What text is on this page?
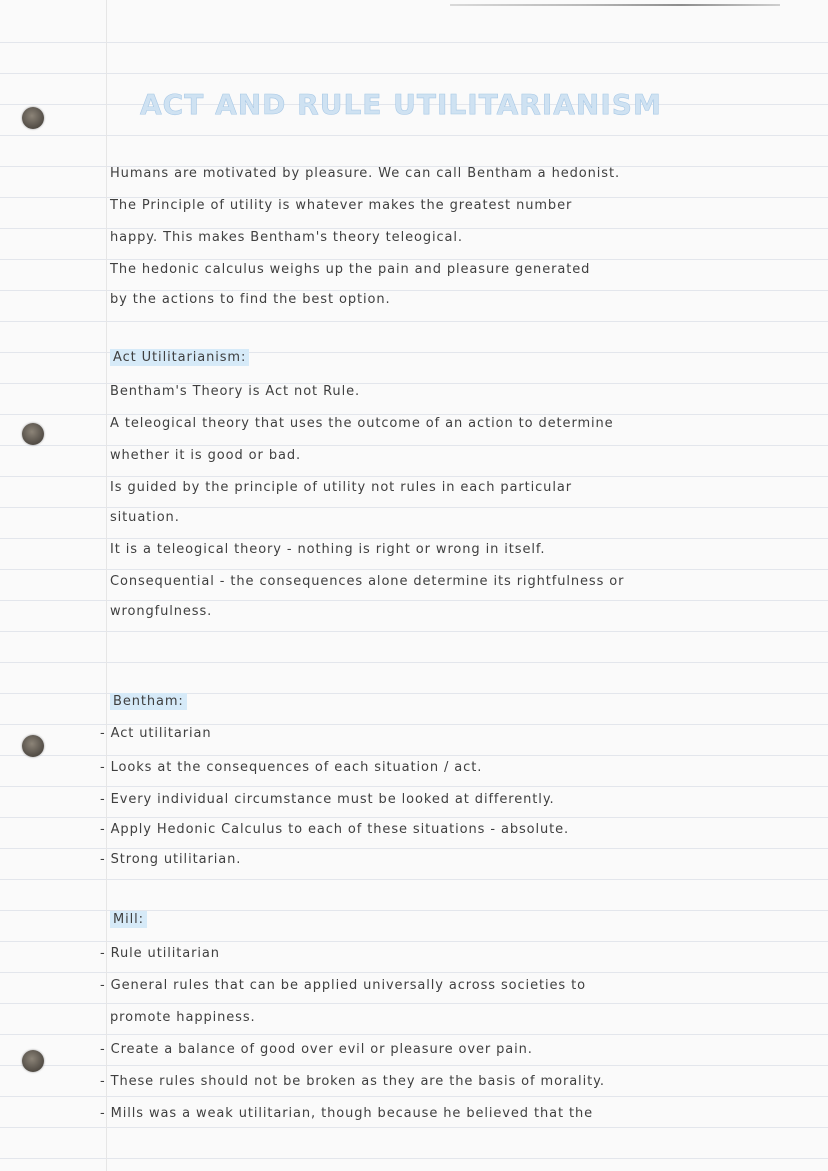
ACT AND RULE UTILITARIANISM
Humans are motivated by pleasure. We can call Bentham a hedonist.
The Principle of utility is whatever makes the greatest number
happy. This makes Bentham's theory teleogical.
The hedonic calculus weighs up the pain and pleasure generated
by the actions to find the best option.
Act Utilitarianism:
Bentham's Theory is Act not Rule.
A teleogical theory that uses the outcome of an action to determine
whether it is good or bad.
Is guided by the principle of utility not rules in each particular
situation.
It is a teleogical theory - nothing is right or wrong in itself.
Consequential - the consequences alone determine its rightfulness or
wrongfulness.
Bentham:
- Act utilitarian
- Looks at the consequences of each situation / act.
- Every individual circumstance must be looked at differently.
- Apply Hedonic Calculus to each of these situations - absolute.
- Strong utilitarian.
Mill:
- Rule utilitarian
- General rules that can be applied universally across societies to
promote happiness.
- Create a balance of good over evil or pleasure over pain.
- These rules should not be broken as they are the basis of morality.
- Mills was a weak utilitarian, though because he believed that the
